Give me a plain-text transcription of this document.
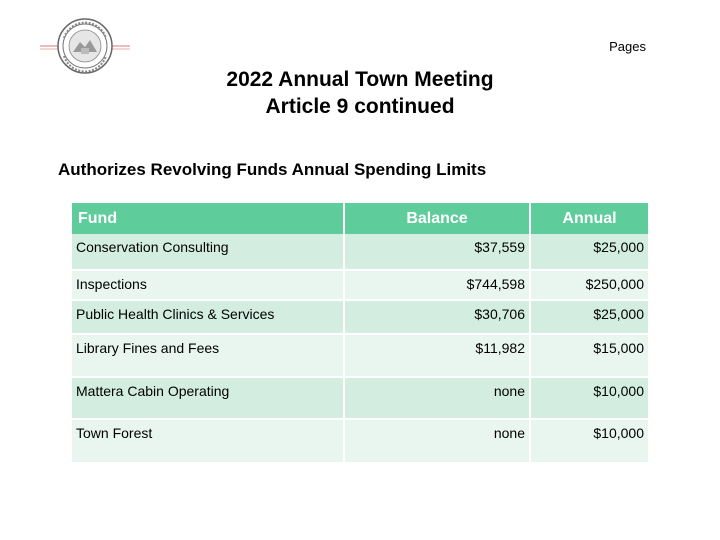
Pages
2022 Annual Town Meeting
Article 9 continued
Authorizes Revolving Funds Annual Spending Limits
Fund	Balance	Annual
Conservation Consulting	$37,559	$25,000
Inspections	$744,598	$250,000
Public Health Clinics & Services	$30,706	$25,000
Library Fines and Fees	$11,982	$15,000
Mattera Cabin Operating	none	$10,000
Town Forest	none	$10,000
